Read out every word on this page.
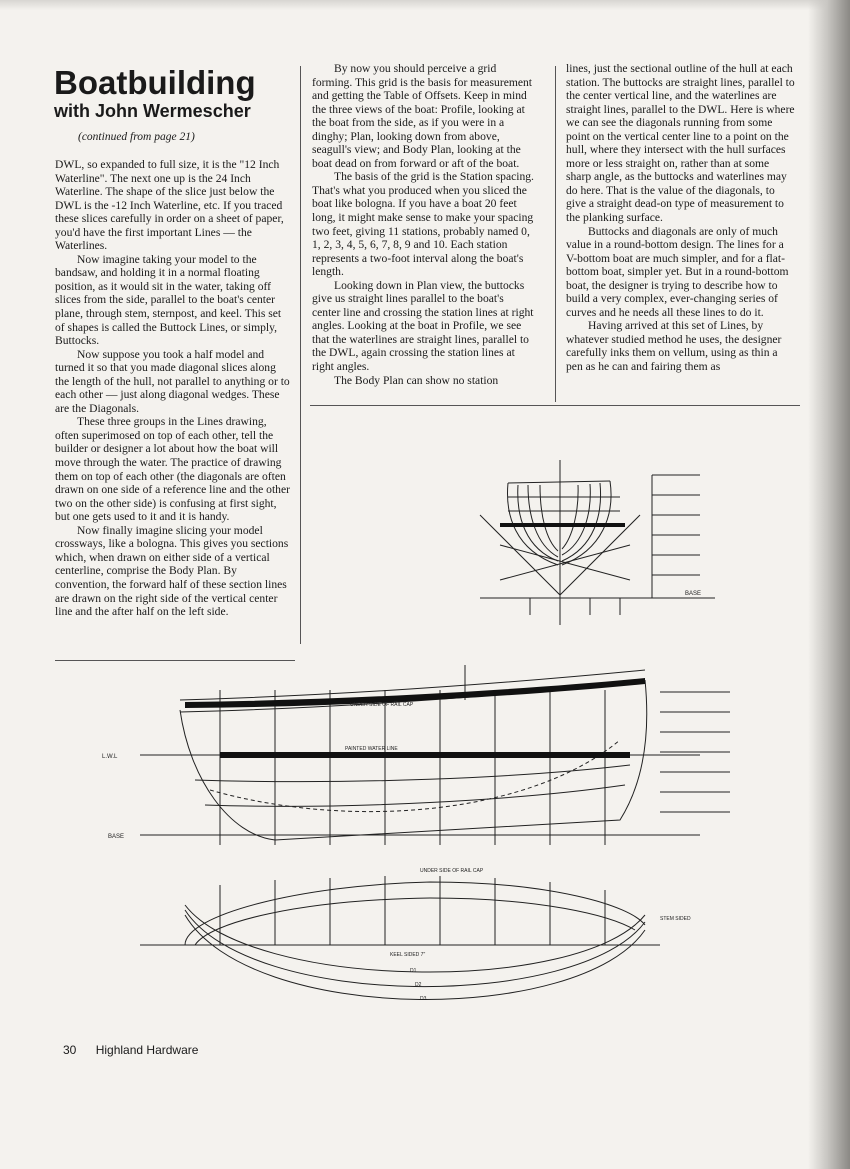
Boatbuilding
with John Wermescher
(continued from page 21)

DWL, so expanded to full size, it is the "12 Inch Waterline". The next one up is the 24 Inch Waterline. The shape of the slice just below the DWL is the -12 Inch Waterline, etc. If you traced these slices carefully in order on a sheet of paper, you'd have the first important Lines — the Waterlines.

Now imagine taking your model to the bandsaw, and holding it in a normal floating position, as it would sit in the water, taking off slices from the side, parallel to the boat's center plane, through stem, sternpost, and keel. This set of shapes is called the Buttock Lines, or simply, Buttocks.

Now suppose you took a half model and turned it so that you made diagonal slices along the length of the hull, not parallel to anything or to each other — just along diagonal wedges. These are the Diagonals.

These three groups in the Lines drawing, often superimosed on top of each other, tell the builder or designer a lot about how the boat will move through the water. The practice of drawing them on top of each other (the diagonals are often drawn on one side of a reference line and the other two on the other side) is confusing at first sight, but one gets used to it and it is handy.

Now finally imagine slicing your model crossways, like a bologna. This gives you sections which, when drawn on either side of a vertical centerline, comprise the Body Plan. By convention, the forward half of these section lines are drawn on the right side of the vertical center line and the after half on the left side.

By now you should perceive a grid forming. This grid is the basis for measurement and getting the Table of Offsets. Keep in mind the three views of the boat: Profile, looking at the boat from the side, as if you were in a dinghy; Plan, looking down from above, seagull's view; and Body Plan, looking at the boat dead on from forward or aft of the boat.

The basis of the grid is the Station spacing. That's what you produced when you sliced the boat like bologna. If you have a boat 20 feet long, it might make sense to make your spacing two feet, giving 11 stations, probably named 0, 1, 2, 3, 4, 5, 6, 7, 8, 9 and 10. Each station represents a two-foot interval along the boat's length.

Looking down in Plan view, the buttocks give us straight lines parallel to the boat's center line and crossing the station lines at right angles. Looking at the boat in Profile, we see that the waterlines are straight lines, parallel to the DWL, again crossing the station lines at right angles.

The Body Plan can show no station

lines, just the sectional outline of the hull at each station. The buttocks are straight lines, parallel to the center vertical line, and the waterlines are straight lines, parallel to the DWL. Here is where we can see the diagonals running from some point on the vertical center line to a point on the hull, where they intersect with the hull surfaces more or less straight on, rather than at some sharp angle, as the buttocks and waterlines may do here. That is the value of the diagonals, to give a straight dead-on type of measurement to the planking surface.

Buttocks and diagonals are only of much value in a round-bottom design. The lines for a V-bottom boat are much simpler, and for a flat-bottom boat, simpler yet. But in a round-bottom boat, the designer is trying to describe how to build a very complex, ever-changing series of curves and he needs all these lines to do it.

Having arrived at this set of Lines, by whatever studied method he uses, the designer carefully inks them on vellum, using as thin a pen as he can and fairing them as

BASE
L.W.L
UNDER SIDE OF RAIL CAP
PAINTED WATER LINE
STEM SIDED
BASE
UNDER SIDE OF RAIL CAP
KEEL SIDED 7"
D1
D2
D3
30 Highland Hardware
